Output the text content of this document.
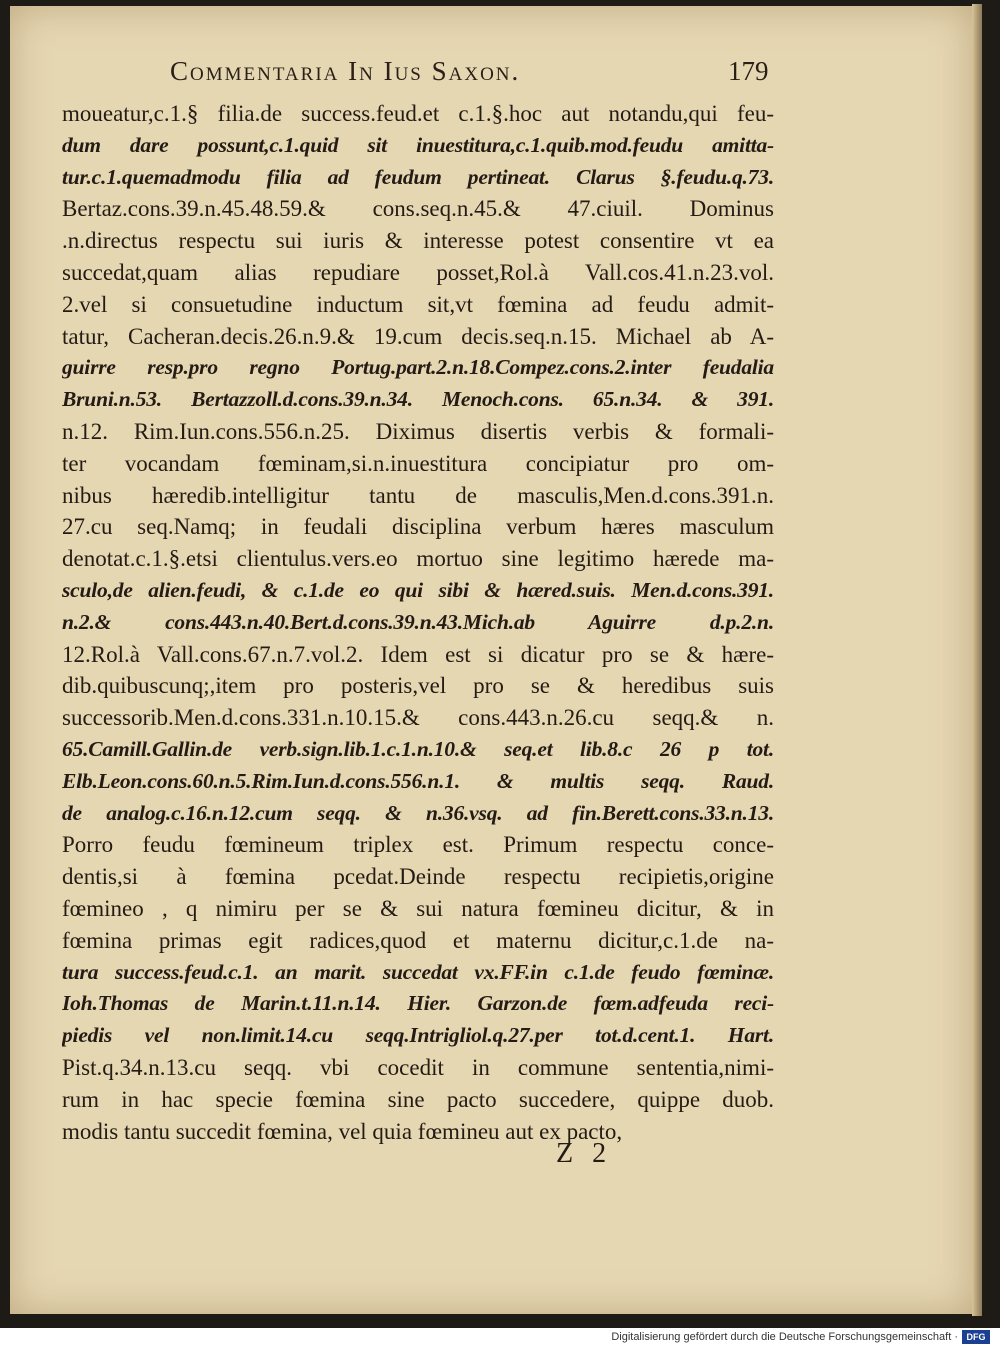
Commentaria In Ius Saxon.	179
moueatur,c.1.§ filia.de success.feud.et c.1.§.hoc aut notandu,qui feu-
dum dare possunt,c.1.quid sit inuestitura,c.1.quib.mod.feudu amitta-
tur.c.1.quemadmodu filia ad feudum pertineat. Clarus §.feudu.q.73.
Bertaz.cons.39.n.45.48.59.& cons.seq.n.45.& 47.ciuil. Dominus
.n.directus respectu sui iuris & interesse potest consentire vt ea
succedat,quam alias repudiare posset,Rol.à Vall.cos.41.n.23.vol.
2.vel si consuetudine inductum sit,vt fœmina ad feudu admit-
tatur, Cacheran.decis.26.n.9.& 19.cum decis.seq.n.15. Michael ab A-
guirre resp.pro regno Portug.part.2.n.18.Compez.cons.2.inter feudalia
Bruni.n.53. Bertazzoll.d.cons.39.n.34. Menoch.cons. 65.n.34. & 391.
n.12. Rim.Iun.cons.556.n.25. Diximus disertis verbis & formali-
ter vocandam fœminam,si.n.inuestitura concipiatur pro om-
nibus hæredib.intelligitur tantu de masculis,Men.d.cons.391.n.
27.cu seq.Namq; in feudali disciplina verbum hæres masculum
denotat.c.1.§.etsi clientulus.vers.eo mortuo sine legitimo hærede ma-
sculo,de alien.feudi, & c.1.de eo qui sibi & hæred.suis. Men.d.cons.391.
n.2.& cons.443.n.40.Bert.d.cons.39.n.43.Mich.ab Aguirre d.p.2.n.
12.Rol.à Vall.cons.67.n.7.vol.2. Idem est si dicatur pro se & hære-
dib.quibuscunq;,item pro posteris,vel pro se & heredibus suis
successorib.Men.d.cons.331.n.10.15.& cons.443.n.26.cu seqq.& n.
65.Camill.Gallin.de verb.sign.lib.1.c.1.n.10.& seq.et lib.8.c 26 p tot.
Elb.Leon.cons.60.n.5.Rim.Iun.d.cons.556.n.1. & multis seqq. Raud.
de analog.c.16.n.12.cum seqq. & n.36.vsq. ad fin.Berett.cons.33.n.13.
Porro feudu fœmineum triplex est. Primum respectu conce-
dentis,si à fœmina pcedat.Deinde respectu recipietis,origine
fœmineo , q nimiru per se & sui natura fœmineu dicitur, & in
fœmina primas egit radices,quod et maternu dicitur,c.1.de na-
tura success.feud.c.1. an marit. succedat vx.FF.in c.1.de feudo fœminæ.
Ioh.Thomas de Marin.t.11.n.14. Hier. Garzon.de fœm.adfeuda reci-
piedis vel non.limit.14.cu seqq.Intrigliol.q.27.per tot.d.cent.1. Hart.
Pist.q.34.n.13.cu seqq. vbi cocedit in commune sententia,nimi-
rum in hac specie fœmina sine pacto succedere, quippe duob.
modis tantu succedit fœmina, vel quia fœmineu aut ex pacto,
Z 2
Digitalisierung gefördert durch die Deutsche Forschungsgemeinschaft · DFG
